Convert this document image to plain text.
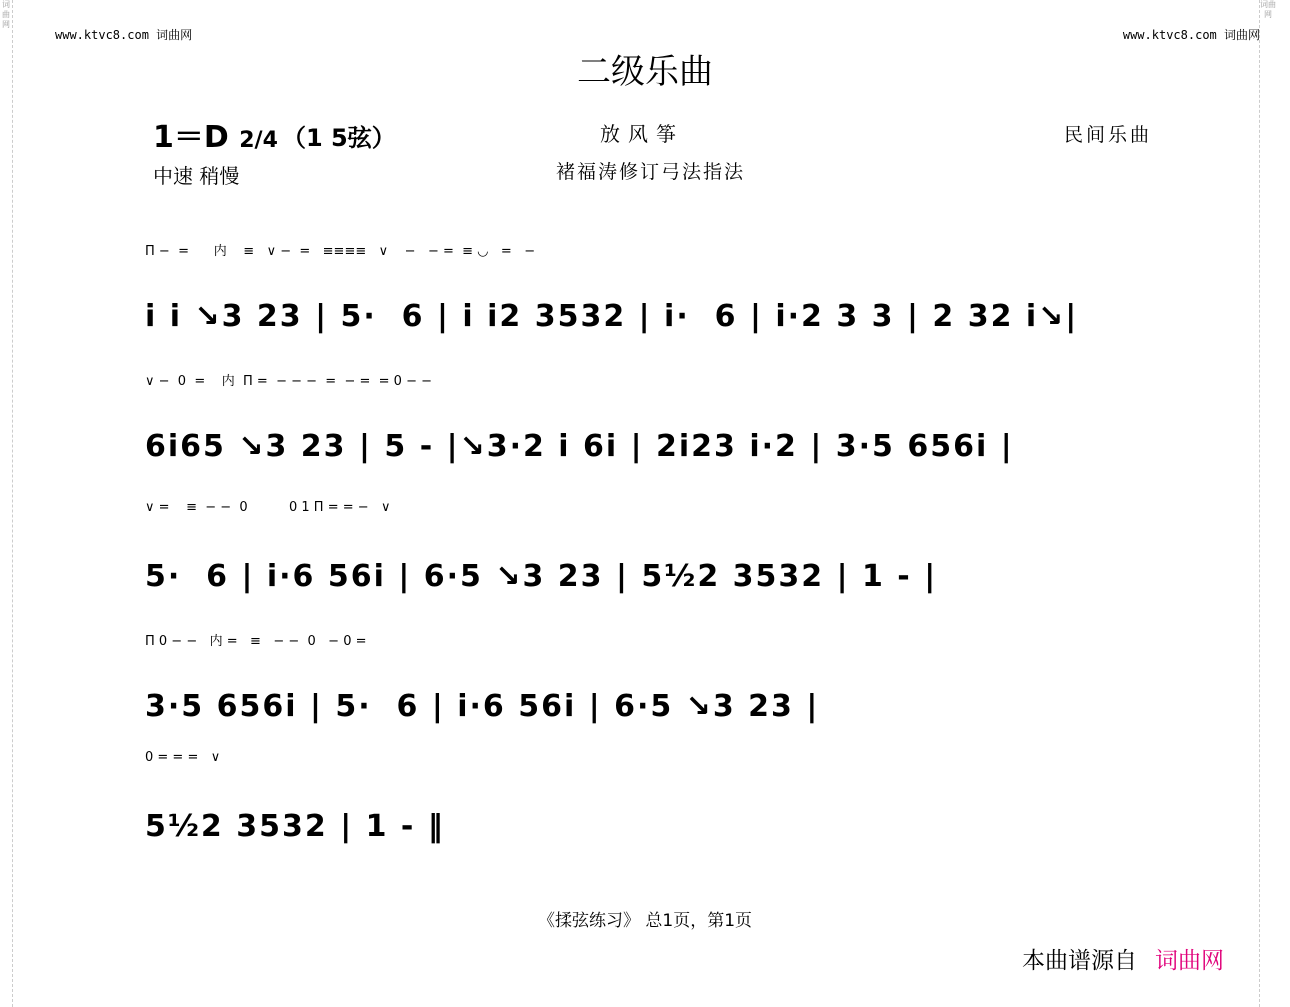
词曲网
词曲网
www.ktvc8.com 词曲网	www.ktvc8.com 词曲网
二级乐曲
1＝D 2/4 （1 5弦）
中速 稍慢
放风筝
褚福涛修订弓法指法
民间乐曲
Π −  =      内    ≡   ∨ −  =   ≡≡≡≡   ∨    −   − =  ≡ ◡   =   −
i i ↘3 23 | 5·  6 | i i2 3532 | i·  6 | i·2 3 3 | 2 32 i↘|
∨ −  0  =    内  Π =  − − −  =  − =  = 0 − −
6i65 ↘3 23 | 5 - |↘3·2 i 6i | 2i23 i·2 | 3·5 656i |
∨ =    ≡  − −  0          0 1 Π = = −   ∨
5·  6 | i·6 56i | 6·5 ↘3 23 | 5½2 3532 | 1 - |
Π 0 − −   内 =   ≡   − −  0   − 0 =
3·5 656i | 5·  6 | i·6 56i | 6·5 ↘3 23 |
0 = = =   ∨
5½2 3532 | 1 - ‖
《揉弦练习》 总1页，第1页
本曲谱源自 词曲网
